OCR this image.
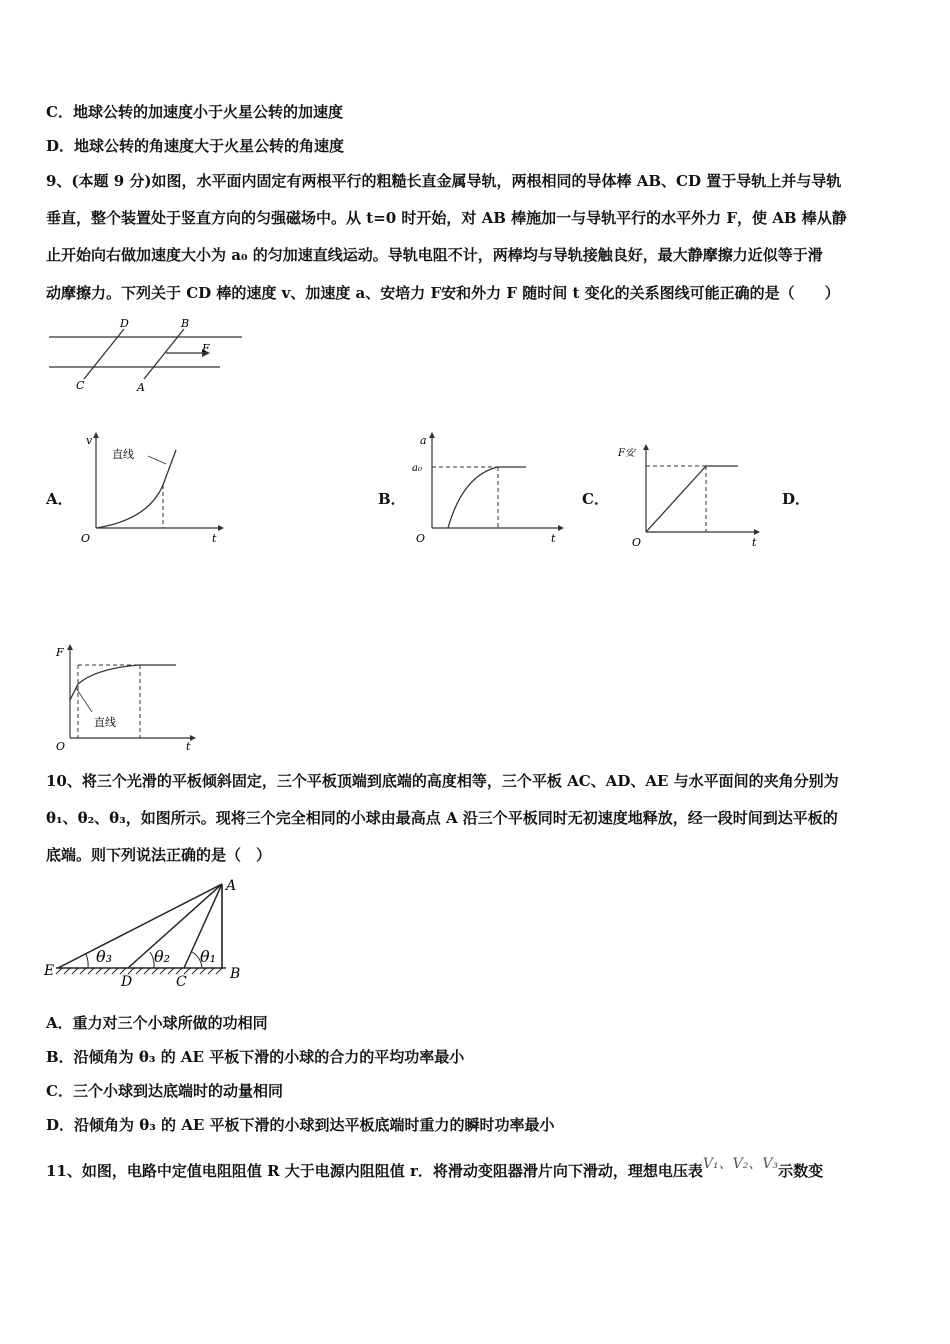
C．地球公转的加速度小于火星公转的加速度
D．地球公转的角速度大于火星公转的角速度
9、(本题 9 分)如图，水平面内固定有两根平行的粗糙长直金属导轨，两根相同的导体棒 AB、CD 置于导轨上并与导轨
垂直，整个装置处于竖直方向的匀强磁场中。从 t=0 时开始，对 AB 棒施加一与导轨平行的水平外力 F，使 AB 棒从静
止开始向右做加速度大小为 a₀ 的匀加速直线运动。导轨电阻不计，两棒均与导轨接触良好，最大静摩擦力近似等于滑
动摩擦力。下列关于 CD 棒的速度 v、加速度 a、安培力 F安和外力 F 随时间 t 变化的关系图线可能正确的是（　　）
D	B
F
C	A
A．	B．	C．	D．
v
t
O
直线
a
a₀
t
O
F安
t
O
F
t
O
直线
10、将三个光滑的平板倾斜固定，三个平板顶端到底端的高度相等，三个平板 AC、AD、AE 与水平面间的夹角分别为
θ₁、θ₂、θ₃，如图所示。现将三个完全相同的小球由最高点 A 沿三个平板同时无初速度地释放，经一段时间到达平板的
底端。则下列说法正确的是（　）
A
B
C
D
E
θ₁
θ₂
θ₃
A．重力对三个小球所做的功相同
B．沿倾角为 θ₃ 的 AE 平板下滑的小球的合力的平均功率最小
C．三个小球到达底端时的动量相同
D．沿倾角为 θ₃ 的 AE 平板下滑的小球到达平板底端时重力的瞬时功率最小
11、如图，电路中定值电阻阻值 R 大于电源内阻阻值 r．将滑动变阻器滑片向下滑动，理想电压表V₁、V₂、V₃示数变
